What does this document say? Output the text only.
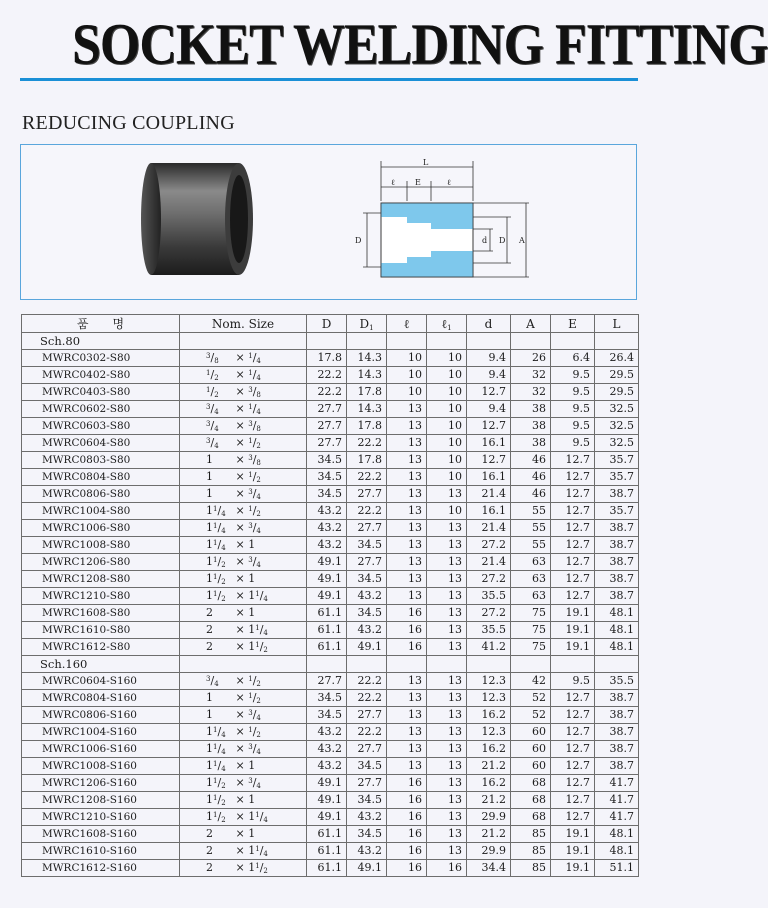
SOCKET WELDING FITTING
REDUCING COUPLING
L
ℓ	E	ℓ
D	d D A
품　　명	Nom. Size	D	$D_1$	ℓ	ℓ$_1$	d	A	E	L
Sch.80									
MWRC0302-S80	$^3/_8 \times ^1/_4$	17.8	14.3	10	10	9.4	26	6.4	26.4
MWRC0402-S80	$^1/_2 \times ^1/_4$	22.2	14.3	10	10	9.4	32	9.5	29.5
MWRC0403-S80	$^1/_2 \times ^3/_8$	22.2	17.8	10	10	12.7	32	9.5	29.5
MWRC0602-S80	$^3/_4 \times ^1/_4$	27.7	14.3	13	10	9.4	38	9.5	32.5
MWRC0603-S80	$^3/_4 \times ^3/_8$	27.7	17.8	13	10	12.7	38	9.5	32.5
MWRC0604-S80	$^3/_4 \times ^1/_2$	27.7	22.2	13	10	16.1	38	9.5	32.5
MWRC0803-S80	$1 \times ^3/_8$	34.5	17.8	13	10	12.7	46	12.7	35.7
MWRC0804-S80	$1 \times ^1/_2$	34.5	22.2	13	10	16.1	46	12.7	35.7
MWRC0806-S80	$1 \times ^3/_4$	34.5	27.7	13	13	21.4	46	12.7	38.7
MWRC1004-S80	$1^1/_4 \times ^1/_2$	43.2	22.2	13	10	16.1	55	12.7	35.7
MWRC1006-S80	$1^1/_4 \times ^3/_4$	43.2	27.7	13	13	21.4	55	12.7	38.7
MWRC1008-S80	$1^1/_4 \times 1$	43.2	34.5	13	13	27.2	55	12.7	38.7
MWRC1206-S80	$1^1/_2 \times ^3/_4$	49.1	27.7	13	13	21.4	63	12.7	38.7
MWRC1208-S80	$1^1/_2 \times 1$	49.1	34.5	13	13	27.2	63	12.7	38.7
MWRC1210-S80	$1^1/_2 \times 1^1/_4$	49.1	43.2	13	13	35.5	63	12.7	38.7
MWRC1608-S80	2 × 1	61.1	34.5	16	13	27.2	75	19.1	48.1
MWRC1610-S80	$2 \times 1^1/_4$	61.1	43.2	16	13	35.5	75	19.1	48.1
MWRC1612-S80	$2 \times 1^1/_2$	61.1	49.1	16	13	41.2	75	19.1	48.1
Sch.160									
MWRC0604-S160	$^3/_4 \times ^1/_2$	27.7	22.2	13	13	12.3	42	9.5	35.5
MWRC0804-S160	$1 \times ^1/_2$	34.5	22.2	13	13	12.3	52	12.7	38.7
MWRC0806-S160	$1 \times ^3/_4$	34.5	27.7	13	13	16.2	52	12.7	38.7
MWRC1004-S160	$1^1/_4 \times ^1/_2$	43.2	22.2	13	13	12.3	60	12.7	38.7
MWRC1006-S160	$1^1/_4 \times ^3/_4$	43.2	27.7	13	13	16.2	60	12.7	38.7
MWRC1008-S160	$1^1/_4 \times 1$	43.2	34.5	13	13	21.2	60	12.7	38.7
MWRC1206-S160	$1^1/_2 \times ^3/_4$	49.1	27.7	16	13	16.2	68	12.7	41.7
MWRC1208-S160	$1^1/_2 \times 1$	49.1	34.5	16	13	21.2	68	12.7	41.7
MWRC1210-S160	$1^1/_2 \times 1^1/_4$	49.1	43.2	16	13	29.9	68	12.7	41.7
MWRC1608-S160	2 × 1	61.1	34.5	16	13	21.2	85	19.1	48.1
MWRC1610-S160	$2 \times 1^1/_4$	61.1	43.2	16	13	29.9	85	19.1	48.1
MWRC1612-S160	$2 \times 1^1/_2$	61.1	49.1	16	16	34.4	85	19.1	51.1
